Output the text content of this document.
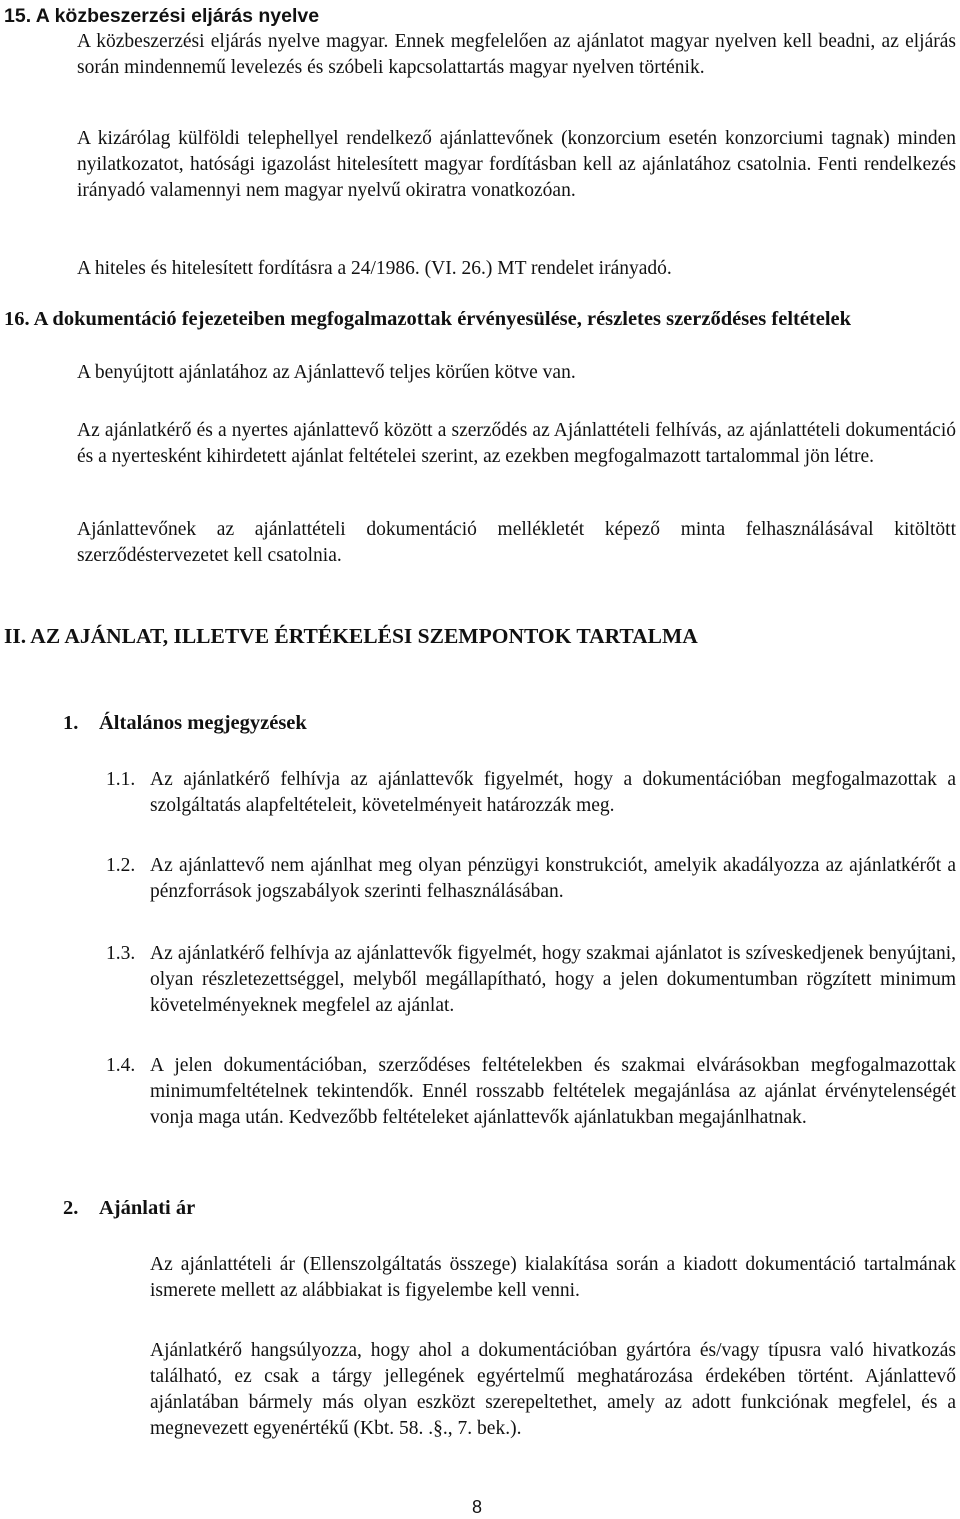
15. A közbeszerzési eljárás nyelve
A közbeszerzési eljárás nyelve magyar. Ennek megfelelően az ajánlatot magyar nyelven kell beadni, az eljárás során mindennemű levelezés és szóbeli kapcsolattartás magyar nyelven történik.
A kizárólag külföldi telephellyel rendelkező ajánlattevőnek (konzorcium esetén konzorciumi tagnak) minden nyilatkozatot, hatósági igazolást hitelesített magyar fordításban kell az ajánlatához csatolnia. Fenti rendelkezés irányadó valamennyi nem magyar nyelvű okiratra vonatkozóan.
A hiteles és hitelesített fordításra a 24/1986. (VI. 26.) MT rendelet irányadó.
16. A dokumentáció fejezeteiben megfogalmazottak érvényesülése, részletes szerződéses feltételek
A benyújtott ajánlatához az Ajánlattevő teljes körűen kötve van.
Az ajánlatkérő és a nyertes ajánlattevő között a szerződés az Ajánlattételi felhívás, az ajánlattételi dokumentáció és a nyertesként kihirdetett ajánlat feltételei szerint, az ezekben megfogalmazott tartalommal jön létre.
Ajánlattevőnek az ajánlattételi dokumentáció mellékletét képező minta felhasználásával kitöltött szerződéstervezetet kell csatolnia.
II. AZ AJÁNLAT, ILLETVE ÉRTÉKELÉSI SZEMPONTOK TARTALMA
1. Általános megjegyzések
1.1. Az ajánlatkérő felhívja az ajánlattevők figyelmét, hogy a dokumentációban megfogalmazottak a szolgáltatás alapfeltételeit, követelményeit határozzák meg.
1.2. Az ajánlattevő nem ajánlhat meg olyan pénzügyi konstrukciót, amelyik akadályozza az ajánlatkérőt a pénzforrások jogszabályok szerinti felhasználásában.
1.3. Az ajánlatkérő felhívja az ajánlattevők figyelmét, hogy szakmai ajánlatot is szíveskedjenek benyújtani, olyan részletezettséggel, melyből megállapítható, hogy a jelen dokumentumban rögzített minimum követelményeknek megfelel az ajánlat.
1.4. A jelen dokumentációban, szerződéses feltételekben és szakmai elvárásokban megfogalmazottak minimumfeltételnek tekintendők. Ennél rosszabb feltételek megajánlása az ajánlat érvénytelenségét vonja maga után. Kedvezőbb feltételeket ajánlattevők ajánlatukban megajánlhatnak.
2. Ajánlati ár
Az ajánlattételi ár (Ellenszolgáltatás összege) kialakítása során a kiadott dokumentáció tartalmának ismerete mellett az alábbiakat is figyelembe kell venni.
Ajánlatkérő hangsúlyozza, hogy ahol a dokumentációban gyártóra és/vagy típusra való hivatkozás található, ez csak a tárgy jellegének egyértelmű meghatározása érdekében történt. Ajánlattevő ajánlatában bármely más olyan eszközt szerepeltethet, amely az adott funkciónak megfelel, és a megnevezett egyenértékű (Kbt. 58. .§., 7. bek.).
8
